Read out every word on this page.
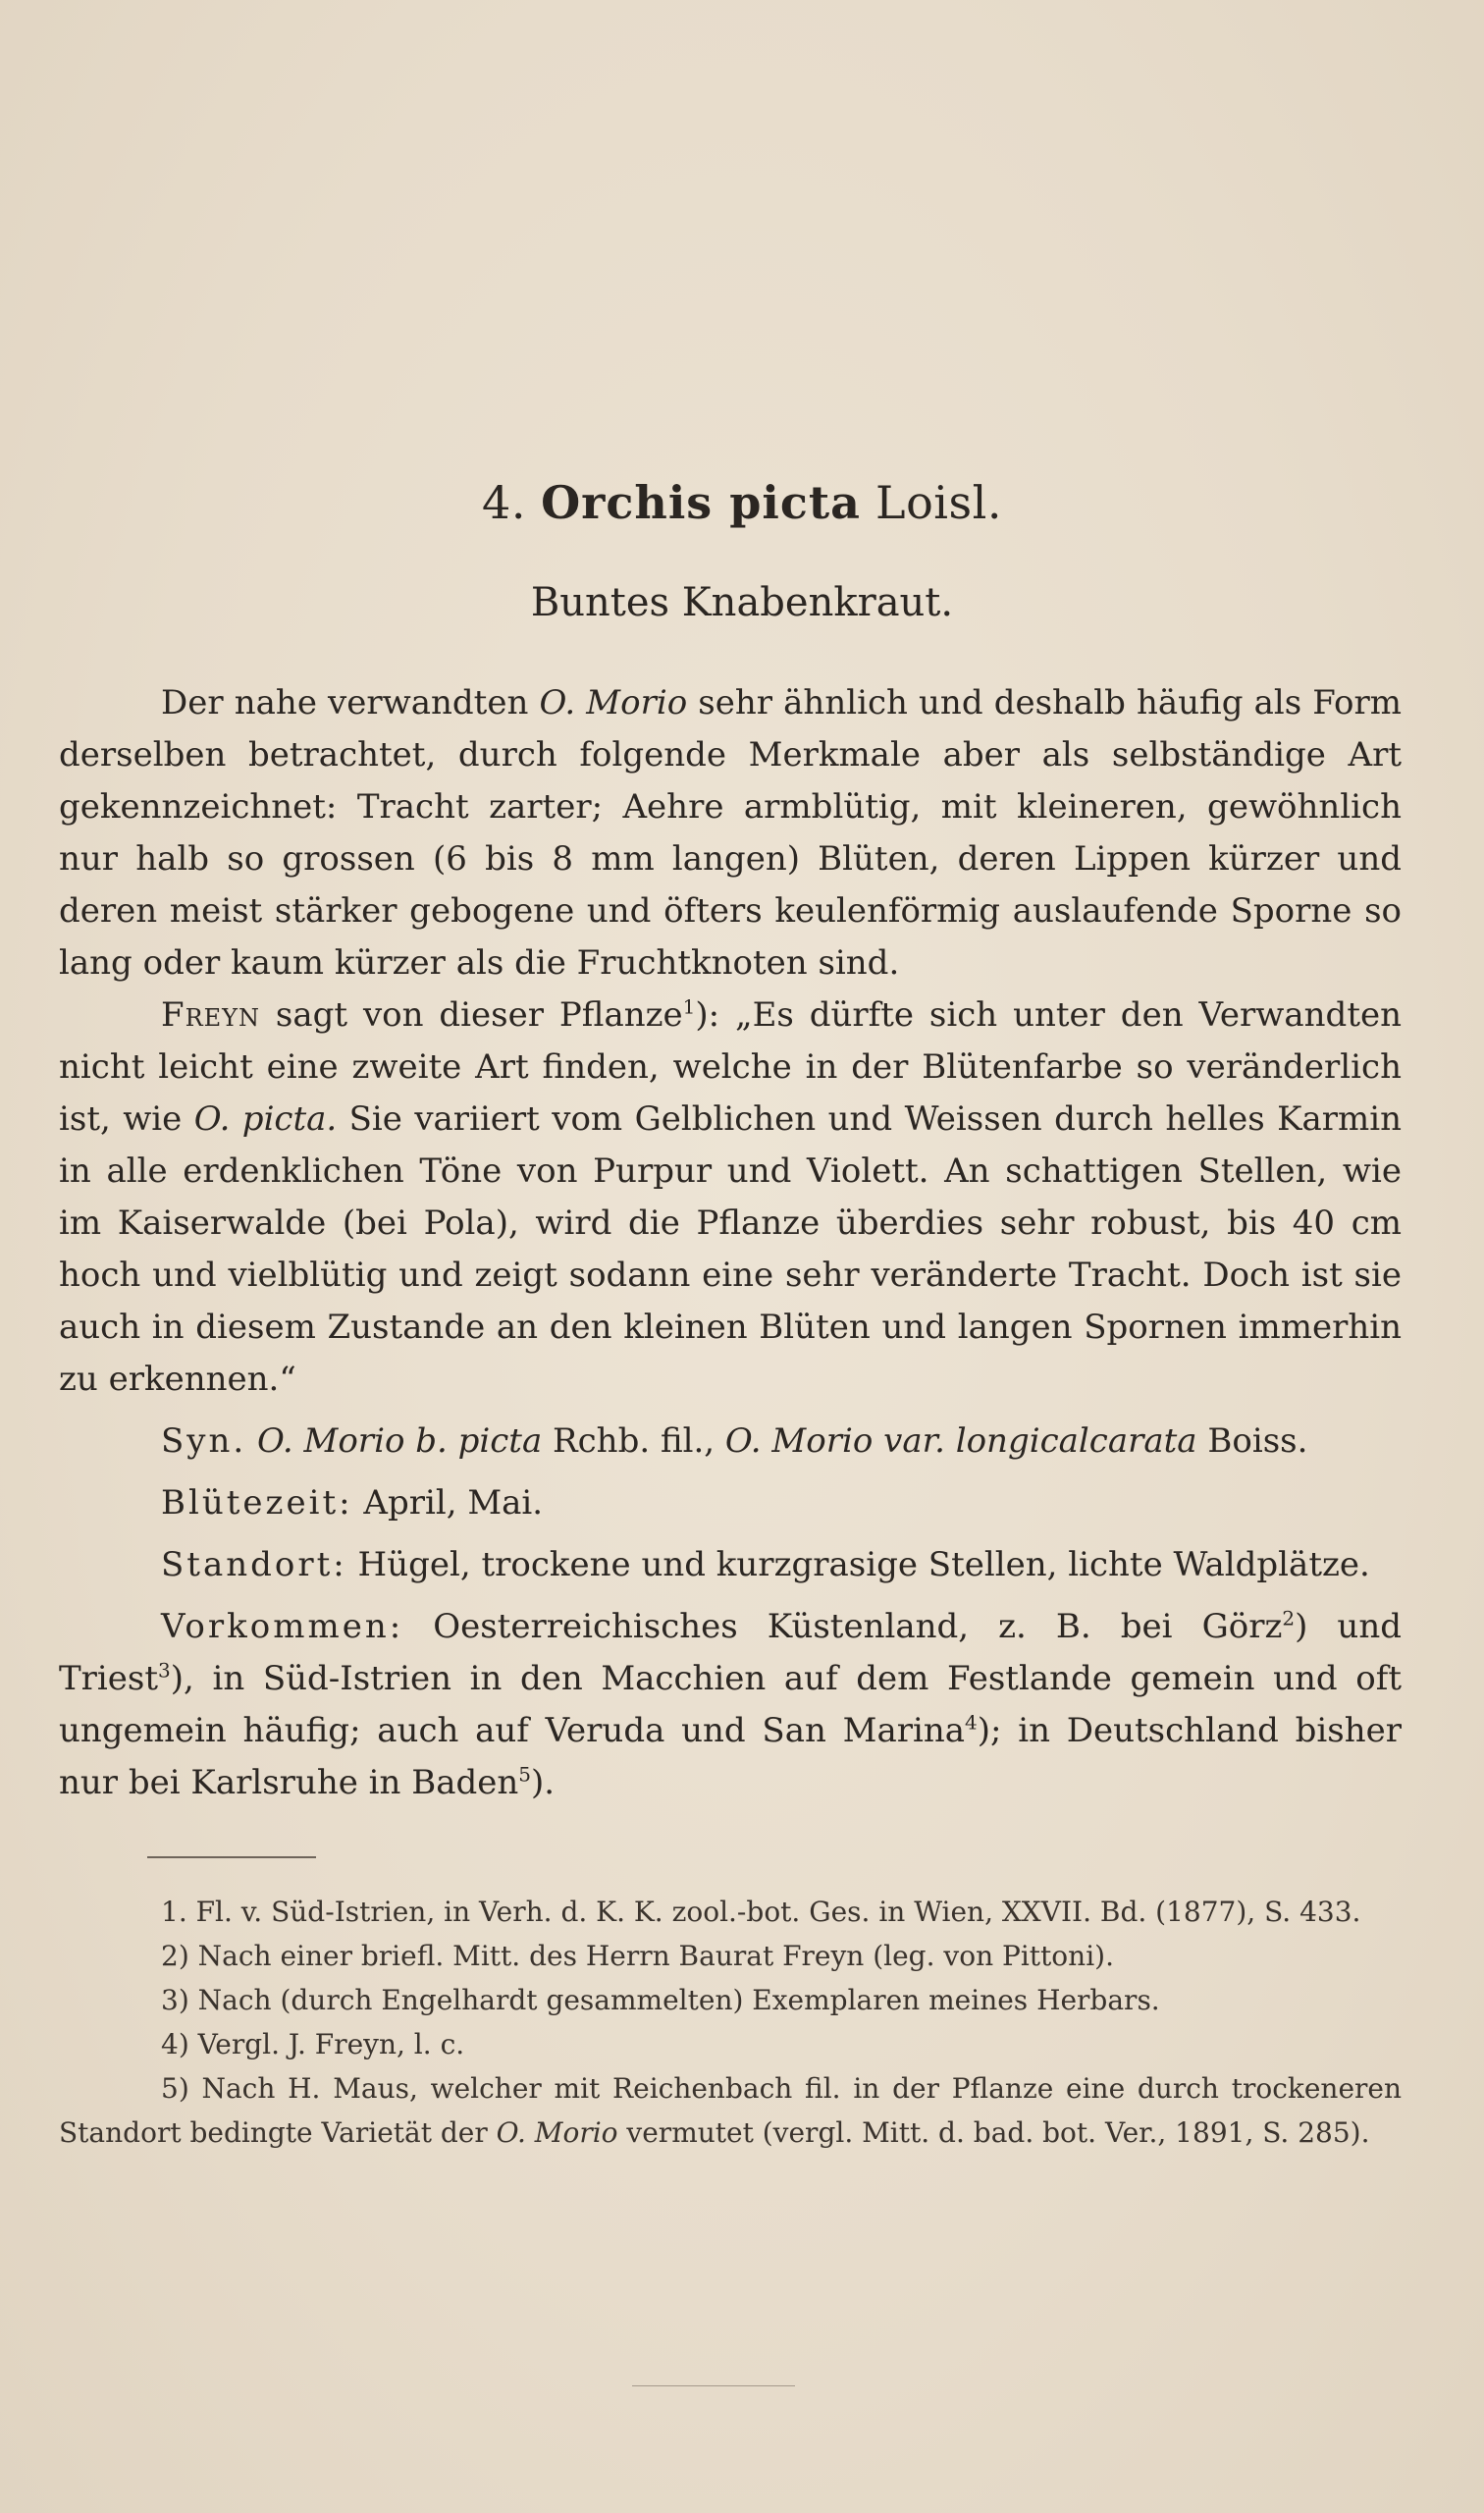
4. Orchis picta Loisl.
Buntes Knabenkraut.

Der nahe verwandten O. Morio sehr ähnlich und deshalb häufig als Form derselben betrachtet, durch folgende Merkmale aber als selbständige Art gekennzeichnet: Tracht zarter; Aehre armblütig, mit kleineren, gewöhnlich nur halb so grossen (6 bis 8 mm langen) Blüten, deren Lippen kürzer und deren meist stärker gebogene und öfters keulenförmig auslaufende Sporne so lang oder kaum kürzer als die Fruchtknoten sind.

Freyn sagt von dieser Pflanze$^1$): „Es dürfte sich unter den Verwandten nicht leicht eine zweite Art finden, welche in der Blütenfarbe so veränderlich ist, wie O. picta. Sie variiert vom Gelblichen und Weissen durch helles Karmin in alle erdenklichen Töne von Purpur und Violett. An schattigen Stellen, wie im Kaiserwalde (bei Pola), wird die Pflanze überdies sehr robust, bis 40 cm hoch und vielblütig und zeigt sodann eine sehr veränderte Tracht. Doch ist sie auch in diesem Zustande an den kleinen Blüten und langen Spornen immerhin zu erkennen.“

Syn. O. Morio b. picta Rchb. fil., O. Morio var. longicalcarata Boiss.

Blütezeit: April, Mai.

Standort: Hügel, trockene und kurzgrasige Stellen, lichte Waldplätze.

Vorkommen: Oesterreichisches Küstenland, z. B. bei Görz$^2$) und Triest$^3$), in Süd-Istrien in den Macchien auf dem Festlande gemein und oft ungemein häufig; auch auf Veruda und San Marina$^4$); in Deutschland bisher nur bei Karlsruhe in Baden$^5$).

1. Fl. v. Süd-Istrien, in Verh. d. K. K. zool.-bot. Ges. in Wien, XXVII. Bd. (1877), S. 433.

2) Nach einer briefl. Mitt. des Herrn Baurat Freyn (leg. von Pittoni).

3) Nach (durch Engelhardt gesammelten) Exemplaren meines Herbars.

4) Vergl. J. Freyn, l. c.

5) Nach H. Maus, welcher mit Reichenbach fil. in der Pflanze eine durch trockeneren Standort bedingte Varietät der O. Morio vermutet (vergl. Mitt. d. bad. bot. Ver., 1891, S. 285).
